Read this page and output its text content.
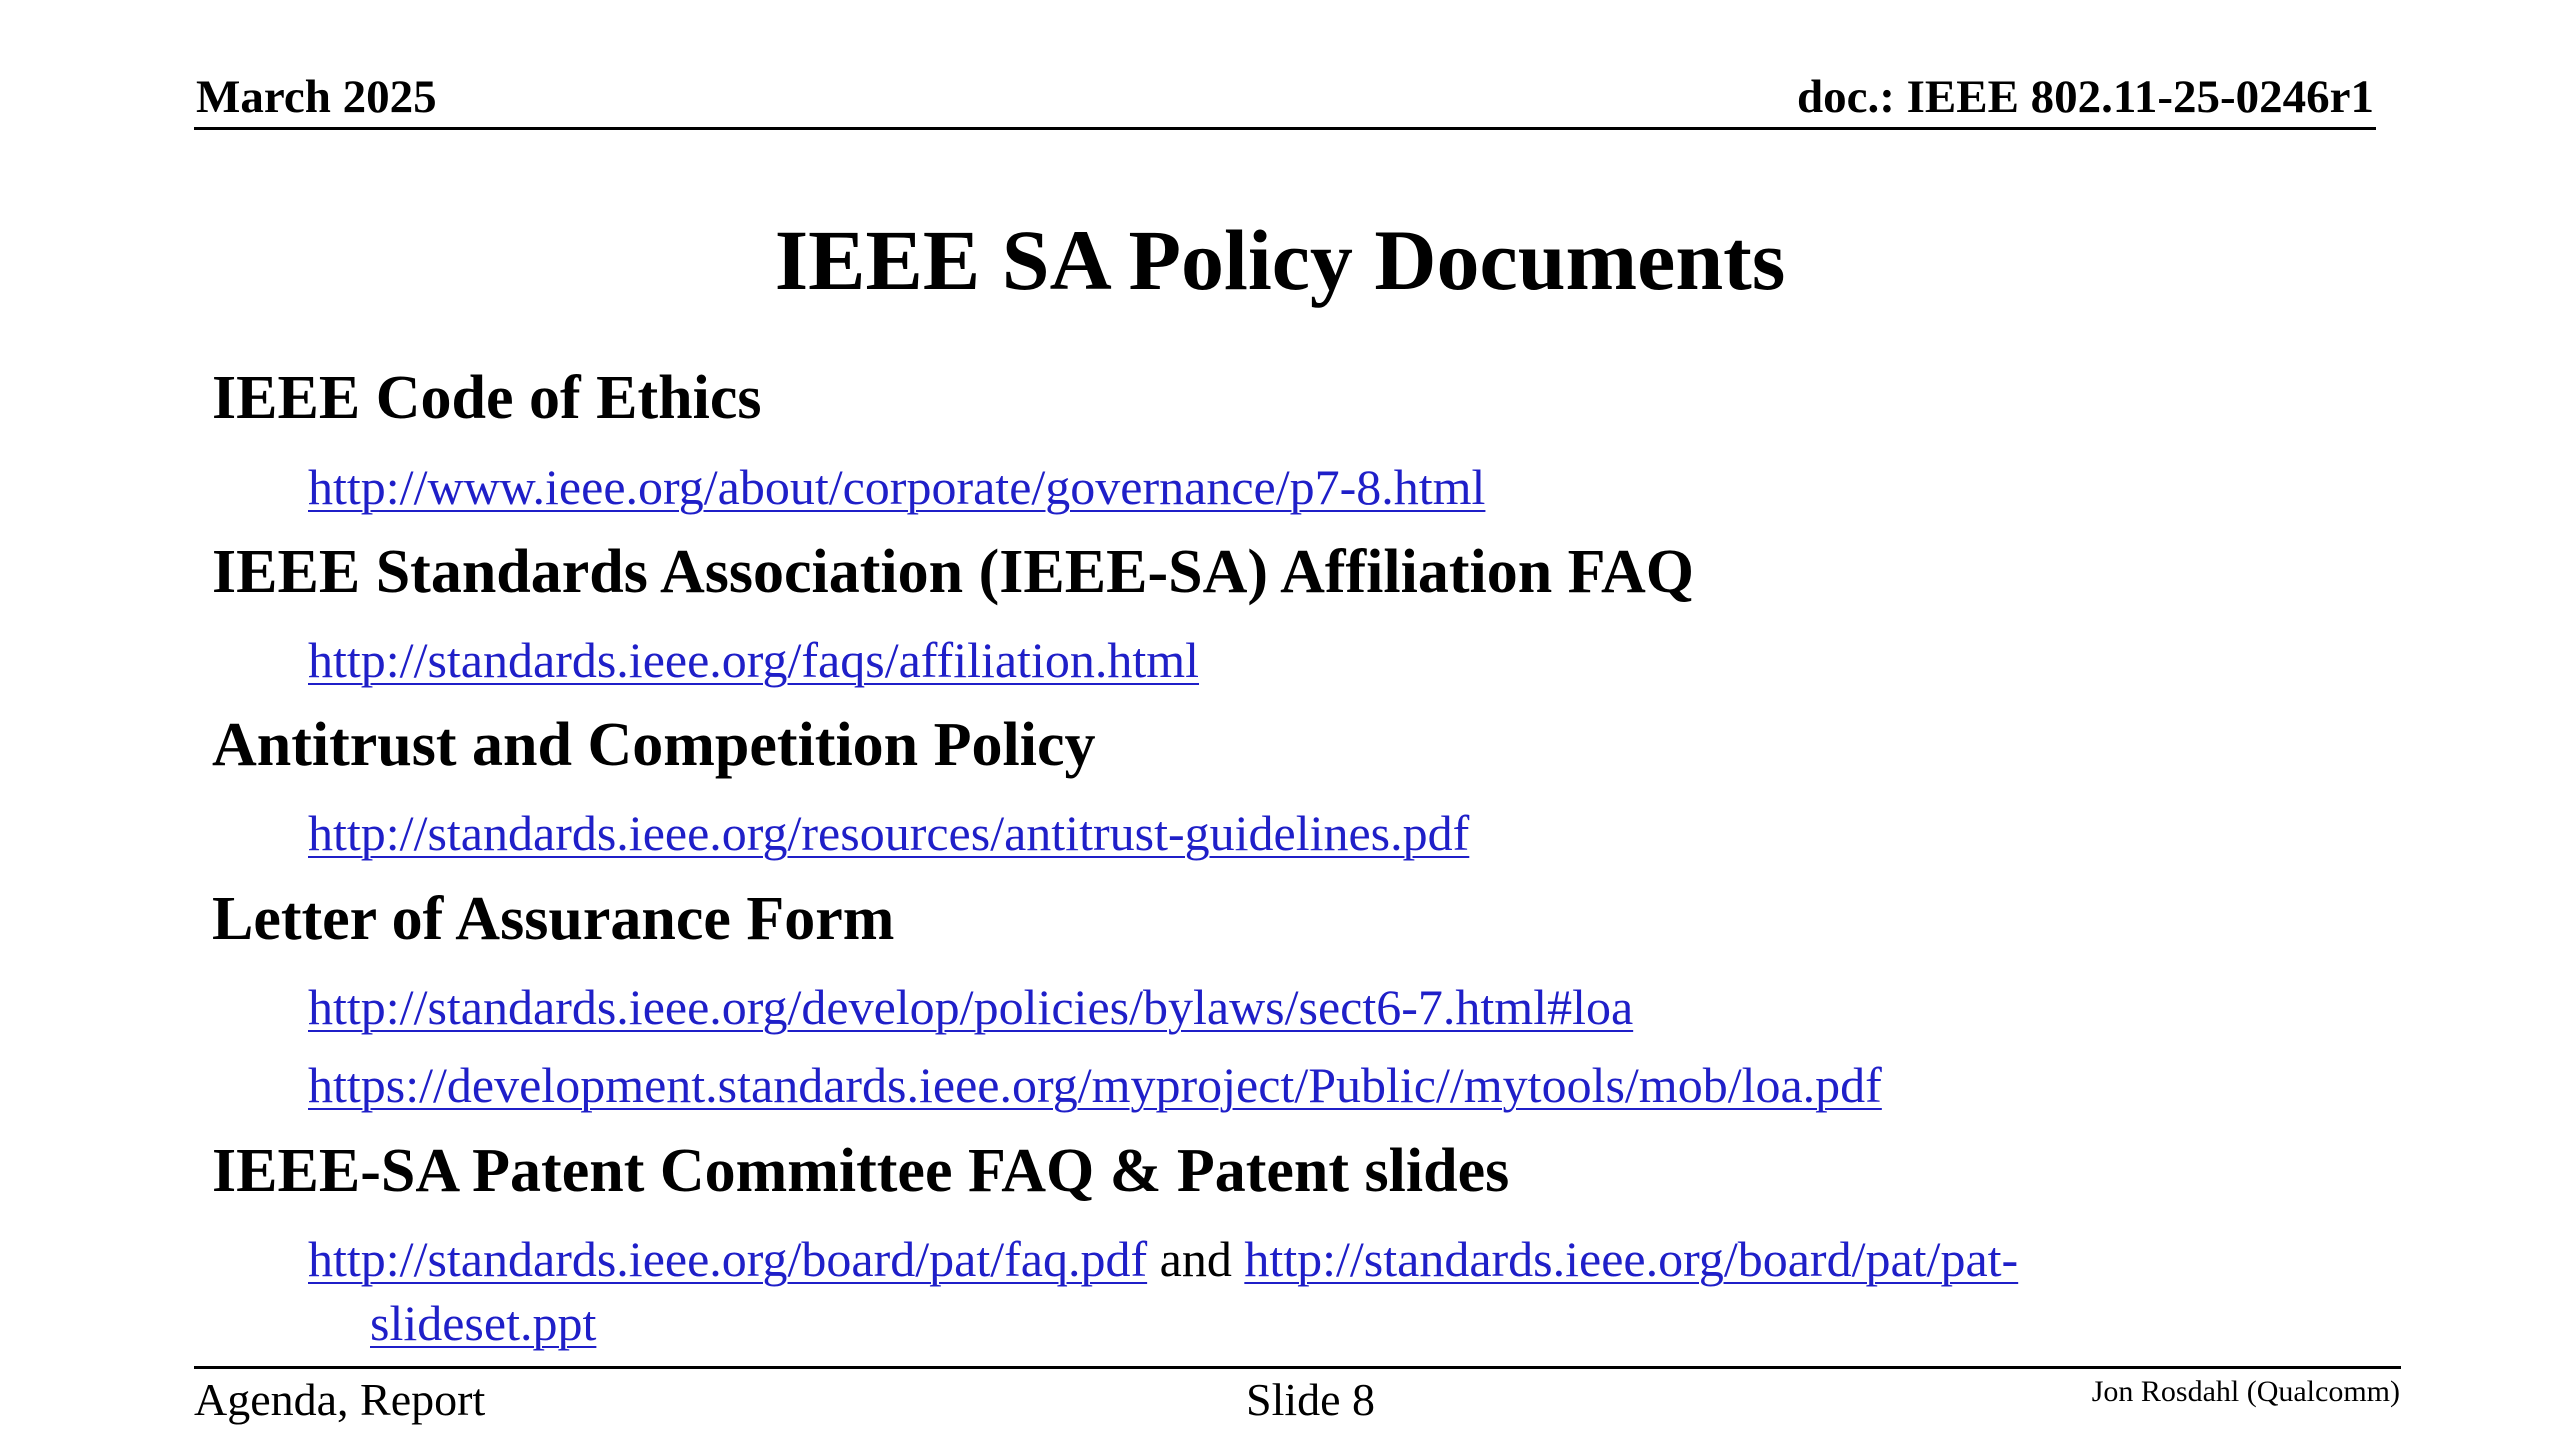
March 2025	doc.: IEEE 802.11-25-0246r1
IEEE SA Policy Documents
IEEE Code of Ethics
http://www.ieee.org/about/corporate/governance/p7-8.html
IEEE Standards Association (IEEE-SA) Affiliation FAQ
http://standards.ieee.org/faqs/affiliation.html
Antitrust and Competition Policy
http://standards.ieee.org/resources/antitrust-guidelines.pdf
Letter of Assurance Form
http://standards.ieee.org/develop/policies/bylaws/sect6-7.html#loa
https://development.standards.ieee.org/myproject/Public//mytools/mob/loa.pdf
IEEE-SA Patent Committee FAQ & Patent slides
http://standards.ieee.org/board/pat/faq.pdf and http://standards.ieee.org/board/pat/pat-
slideset.ppt
Agenda, Report	Slide 8	Jon Rosdahl (Qualcomm)
